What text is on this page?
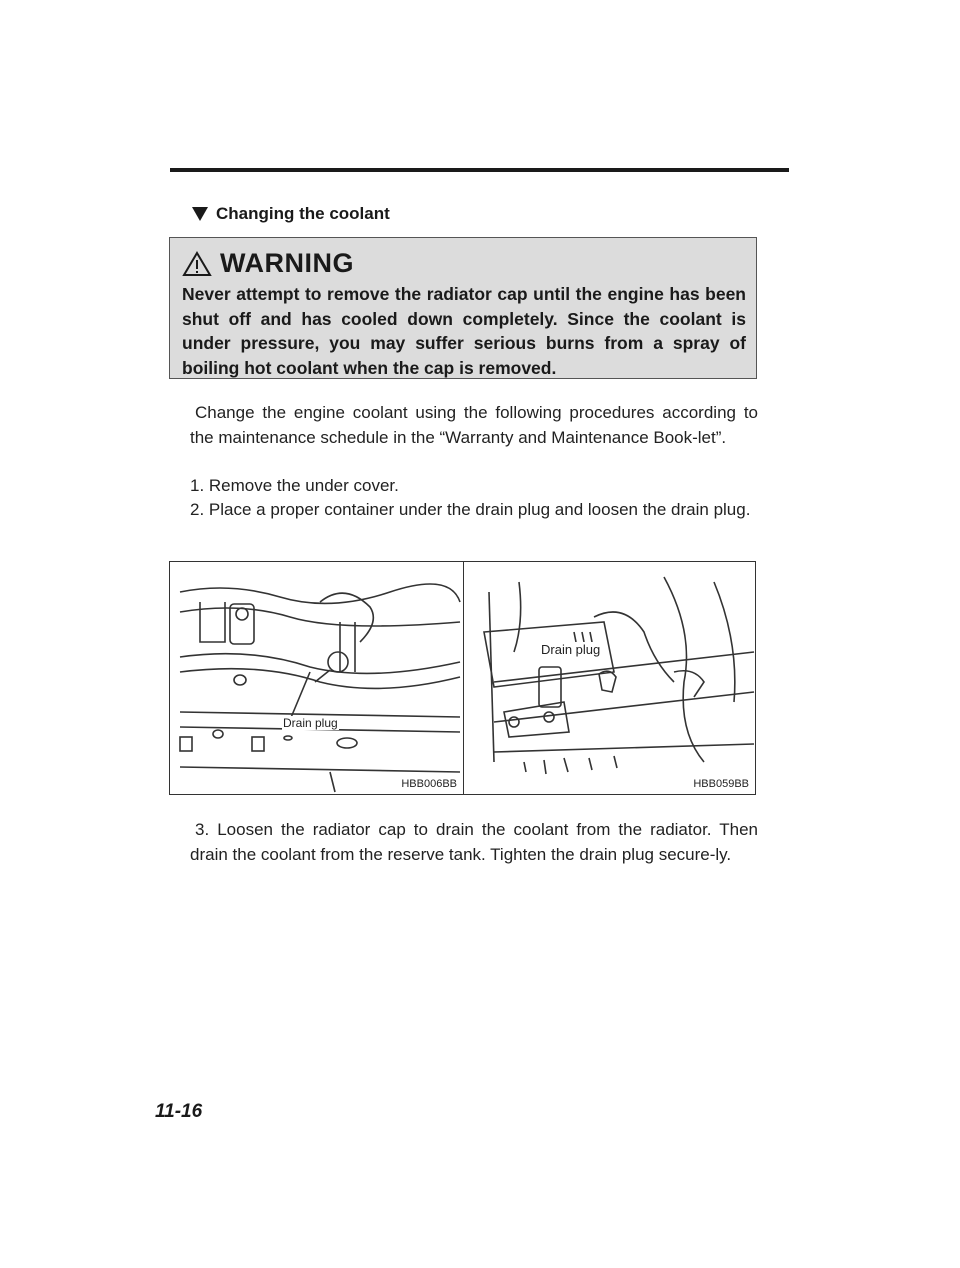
Changing the coolant
WARNING
Never attempt to remove the radiator cap until the engine has been shut off and has cooled down completely. Since the coolant is under pressure, you may suffer serious burns from a spray of boiling hot coolant when the cap is removed.
Change the engine coolant using the following procedures according to the maintenance schedule in the “Warranty and Maintenance Book-let”.
1. Remove the under cover.
2. Place a proper container under the drain plug and loosen the drain plug.
Drain plug
HBB006BB
Drain plug
HBB059BB
3. Loosen the radiator cap to drain the coolant from the radiator. Then drain the coolant from the reserve tank. Tighten the drain plug secure-ly.
11-16
